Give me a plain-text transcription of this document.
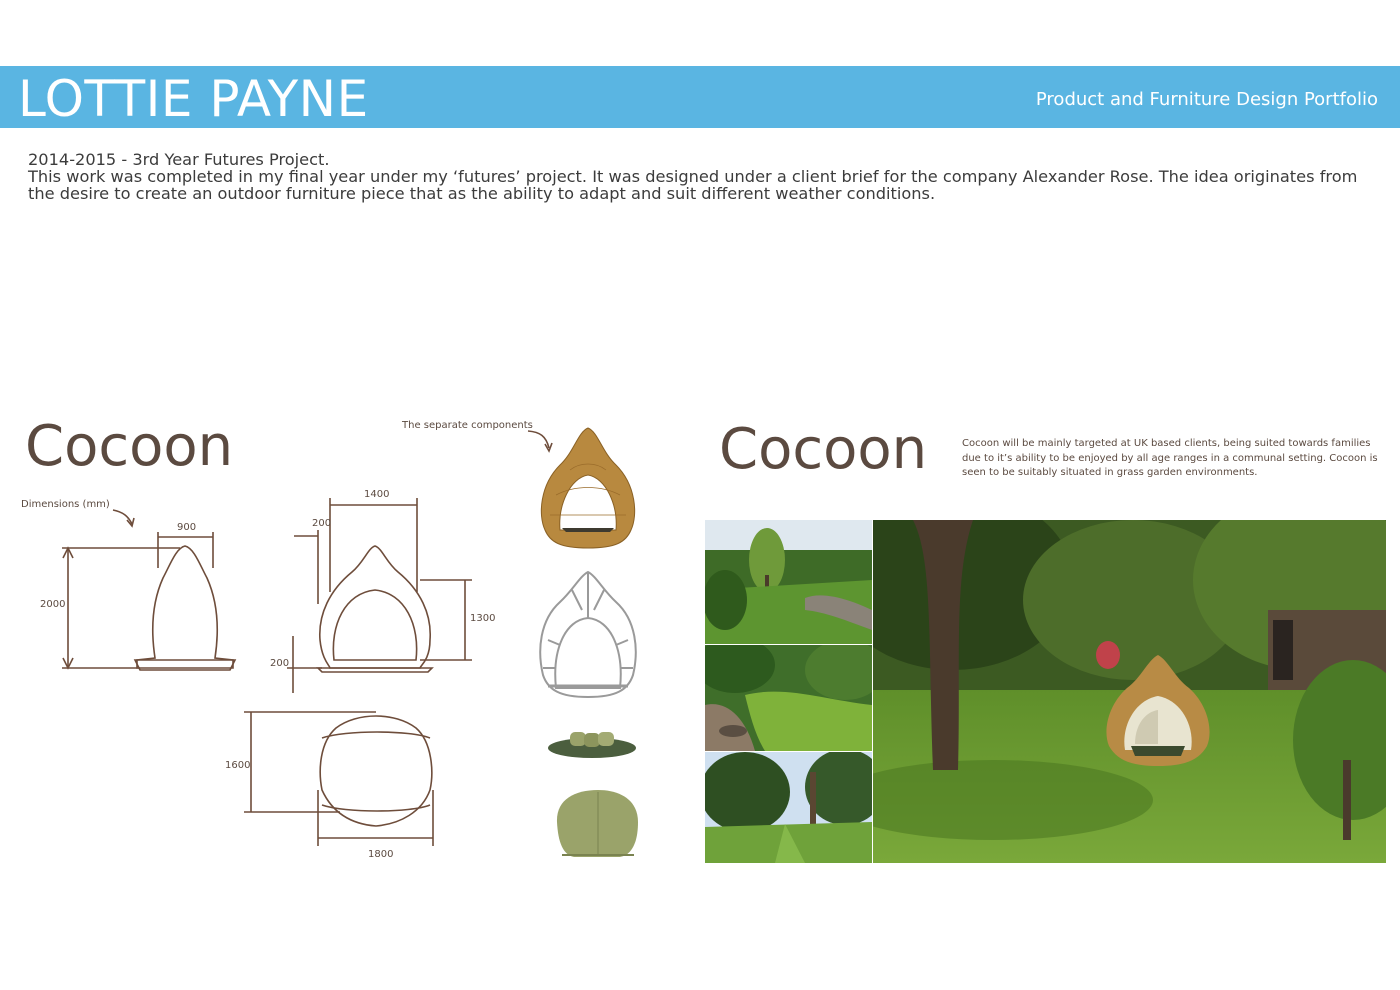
LOTTIE PAYNE	Product and Furniture Design Portfolio

2014-2015 - 3rd Year Futures Project.

This work was completed in my final year under my ‘futures’ project. It was designed under a client brief for the company Alexander Rose. The idea originates from

the desire to create an outdoor furniture piece that as the ability to adapt and suit different weather conditions.

Cocoon
Dimensions (mm)
The separate components
900
2000
1400
200
1300
200
1600
1800
Cocoon	Cocoon will be mainly targeted at UK based clients, being suited towards families due to it’s ability to be enjoyed by all age ranges in a communal setting. Cocoon is seen to be suitably situated in grass garden environments.
